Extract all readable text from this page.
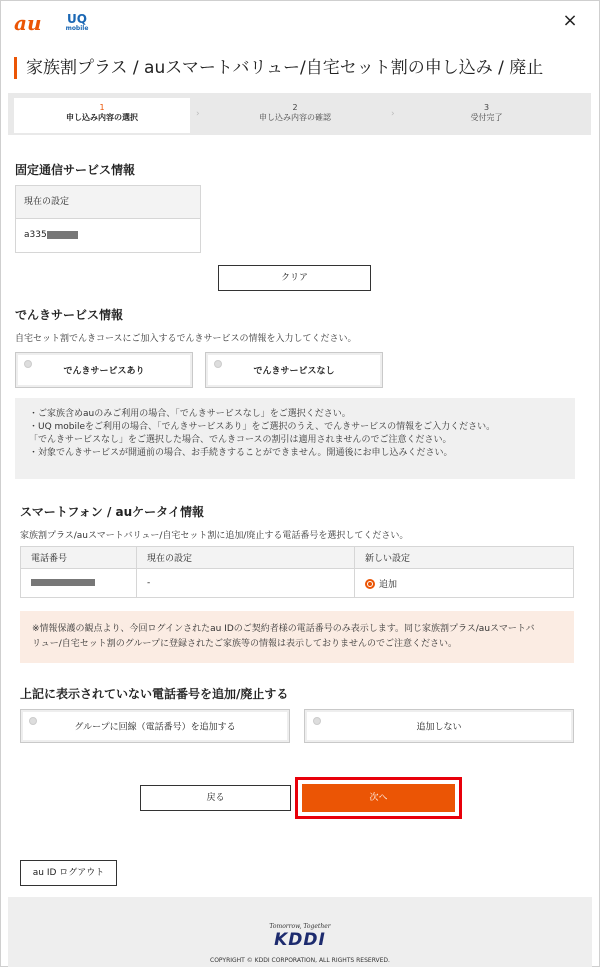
au	UQ
mobile	×
家族割プラス / auスマートバリュー/自宅セット割の申し込み / 廃止
1
申し込み内容の選択	›
2
申し込み内容の確認	›
3
受付完了
固定通信サービス情報
現在の設定
a335
クリア
でんきサービス情報
自宅セット割でんきコースにご加入するでんきサービスの情報を入力してください。
でんきサービスあり	でんきサービスなし
・ご家族含めauのみご利用の場合、「でんきサービスなし」をご選択ください。
・UQ mobileをご利用の場合、「でんきサービスあり」をご選択のうえ、でんきサービスの情報をご入力ください。
「でんきサービスなし」をご選択した場合、でんきコースの割引は適用されませんのでご注意ください。
・対象でんきサービスが開通前の場合、お手続きすることができません。開通後にお申し込みください。
スマートフォン / auケータイ情報
家族割プラス/auスマートバリュー/自宅セット割に追加/廃止する電話番号を選択してください。
電話番号	現在の設定	新しい設定
	-	追加
※情報保護の観点より、今回ログインされたau IDのご契約者様の電話番号のみ表示します。同じ家族割プラス/auスマートバ
リュー/自宅セット割のグループに登録されたご家族等の情報は表示しておりませんのでご注意ください。
上記に表示されていない電話番号を追加/廃止する
グループに回線（電話番号）を追加する	追加しない
戻る	次へ
au ID ログアウト
Tomorrow, Together
KDDI
COPYRIGHT © KDDI CORPORATION, ALL RIGHTS RESERVED.
